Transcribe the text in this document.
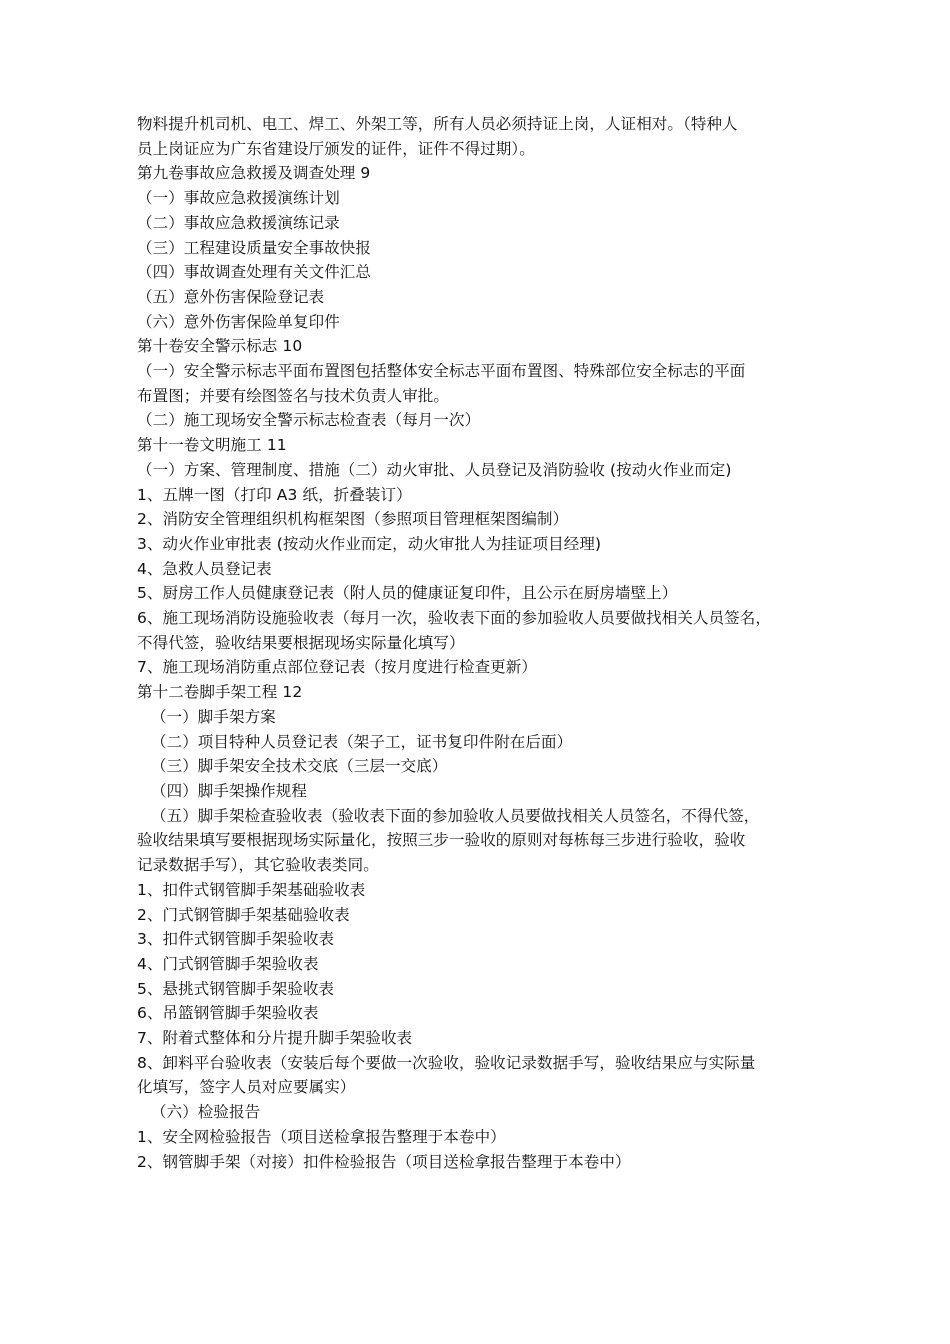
物料提升机司机、电工、焊工、外架工等，所有人员必须持证上岗，人证相对。（特种人
员上岗证应为广东省建设厅颁发的证件，证件不得过期）。
第九卷事故应急救援及调查处理 9
（一）事故应急救援演练计划
（二）事故应急救援演练记录
（三）工程建设质量安全事故快报
（四）事故调查处理有关文件汇总
（五）意外伤害保险登记表
（六）意外伤害保险单复印件
第十卷安全警示标志 10
（一）安全警示标志平面布置图包括整体安全标志平面布置图、特殊部位安全标志的平面
布置图；并要有绘图签名与技术负责人审批。
（二）施工现场安全警示标志检查表（每月一次）
第十一卷文明施工 11
（一）方案、管理制度、措施（二）动火审批、人员登记及消防验收 (按动火作业而定)
1、五牌一图（打印 A3 纸，折叠装订）
2、消防安全管理组织机构框架图（参照项目管理框架图编制）
3、动火作业审批表 (按动火作业而定，动火审批人为挂证项目经理)
4、急救人员登记表
5、厨房工作人员健康登记表（附人员的健康证复印件，且公示在厨房墙壁上）
6、施工现场消防设施验收表（每月一次，验收表下面的参加验收人员要做找相关人员签名，
不得代签，验收结果要根据现场实际量化填写）
7、施工现场消防重点部位登记表（按月度进行检查更新）
第十二卷脚手架工程 12
（一）脚手架方案
（二）项目特种人员登记表（架子工，证书复印件附在后面）
（三）脚手架安全技术交底（三层一交底）
（四）脚手架操作规程
（五）脚手架检查验收表（验收表下面的参加验收人员要做找相关人员签名，不得代签，
验收结果填写要根据现场实际量化，按照三步一验收的原则对每栋每三步进行验收，验收
记录数据手写），其它验收表类同。
1、扣件式钢管脚手架基础验收表
2、门式钢管脚手架基础验收表
3、扣件式钢管脚手架验收表
4、门式钢管脚手架验收表
5、悬挑式钢管脚手架验收表
6、吊篮钢管脚手架验收表
7、附着式整体和分片提升脚手架验收表
8、卸料平台验收表（安装后每个要做一次验收，验收记录数据手写，验收结果应与实际量
化填写，签字人员对应要属实）
（六）检验报告
1、安全网检验报告（项目送检拿报告整理于本卷中）
2、钢管脚手架（对接）扣件检验报告（项目送检拿报告整理于本卷中）
